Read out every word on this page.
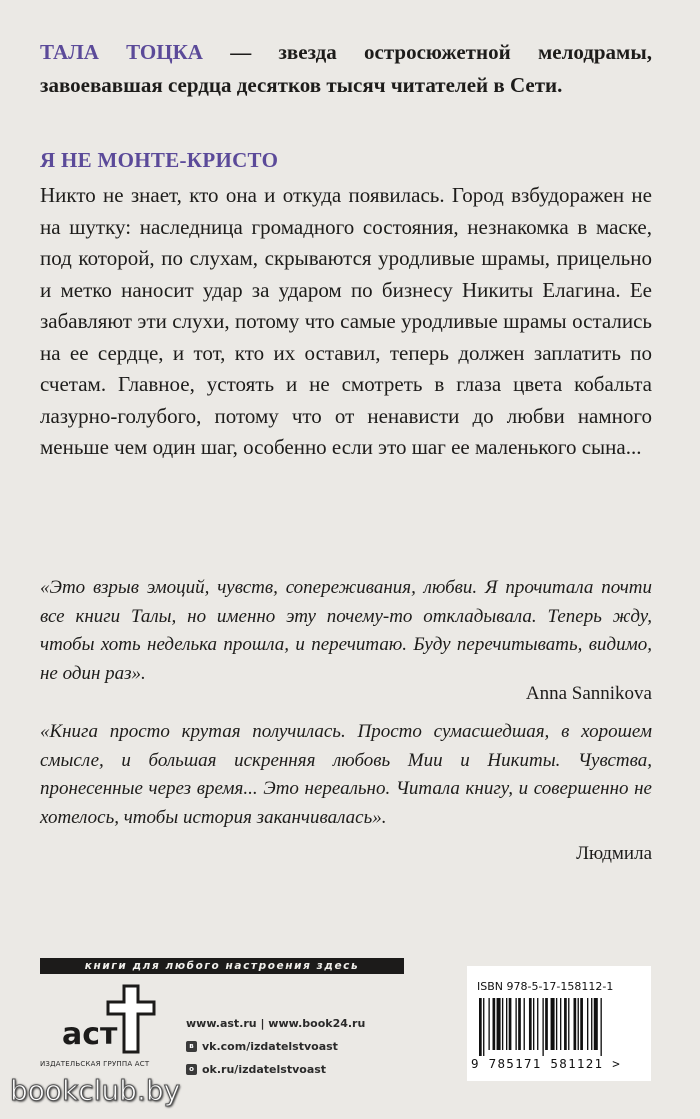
ТАЛА ТОЦКА — звезда остросюжетной мелодрамы, завоевавшая сердца десятков тысяч читателей в Сети.
Я НЕ МОНТЕ-КРИСТО
Никто не знает, кто она и откуда появилась. Город взбудоражен не на шутку: наследница громадного состояния, незнакомка в маске, под которой, по слухам, скрываются уродливые шрамы, прицельно и метко наносит удар за ударом по бизнесу Никиты Елагина. Ее забавляют эти слухи, потому что самые уродливые шрамы остались на ее сердце, и тот, кто их оставил, теперь должен заплатить по счетам. Главное, устоять и не смотреть в глаза цвета кобальта лазурно-голубого, потому что от ненависти до любви намного меньше чем один шаг, особенно если это шаг ее маленького сына...
«Это взрыв эмоций, чувств, сопереживания, любви. Я прочитала почти все книги Талы, но именно эту почему-то откладывала. Теперь жду, чтобы хоть неделька прошла, и перечитаю. Буду перечитывать, видимо, не один раз».
Anna Sannikova
«Книга просто крутая получилась. Просто сумасшедшая, в хорошем смысле, и большая искренняя любовь Мии и Никиты. Чувства, пронесенные через время... Это нереально. Читала книгу, и совершенно не хотелось, чтобы история заканчивалась».
Людмила
книги для любого настроения здесь
аст
ИЗДАТЕЛЬСКАЯ ГРУППА АСТ
www.ast.ru | www.book24.ru
в vk.com/izdatelstvoast
о ok.ru/izdatelstvoast
ISBN 978-5-17-158112-1
9 785171 581121 >
bookclub.by
